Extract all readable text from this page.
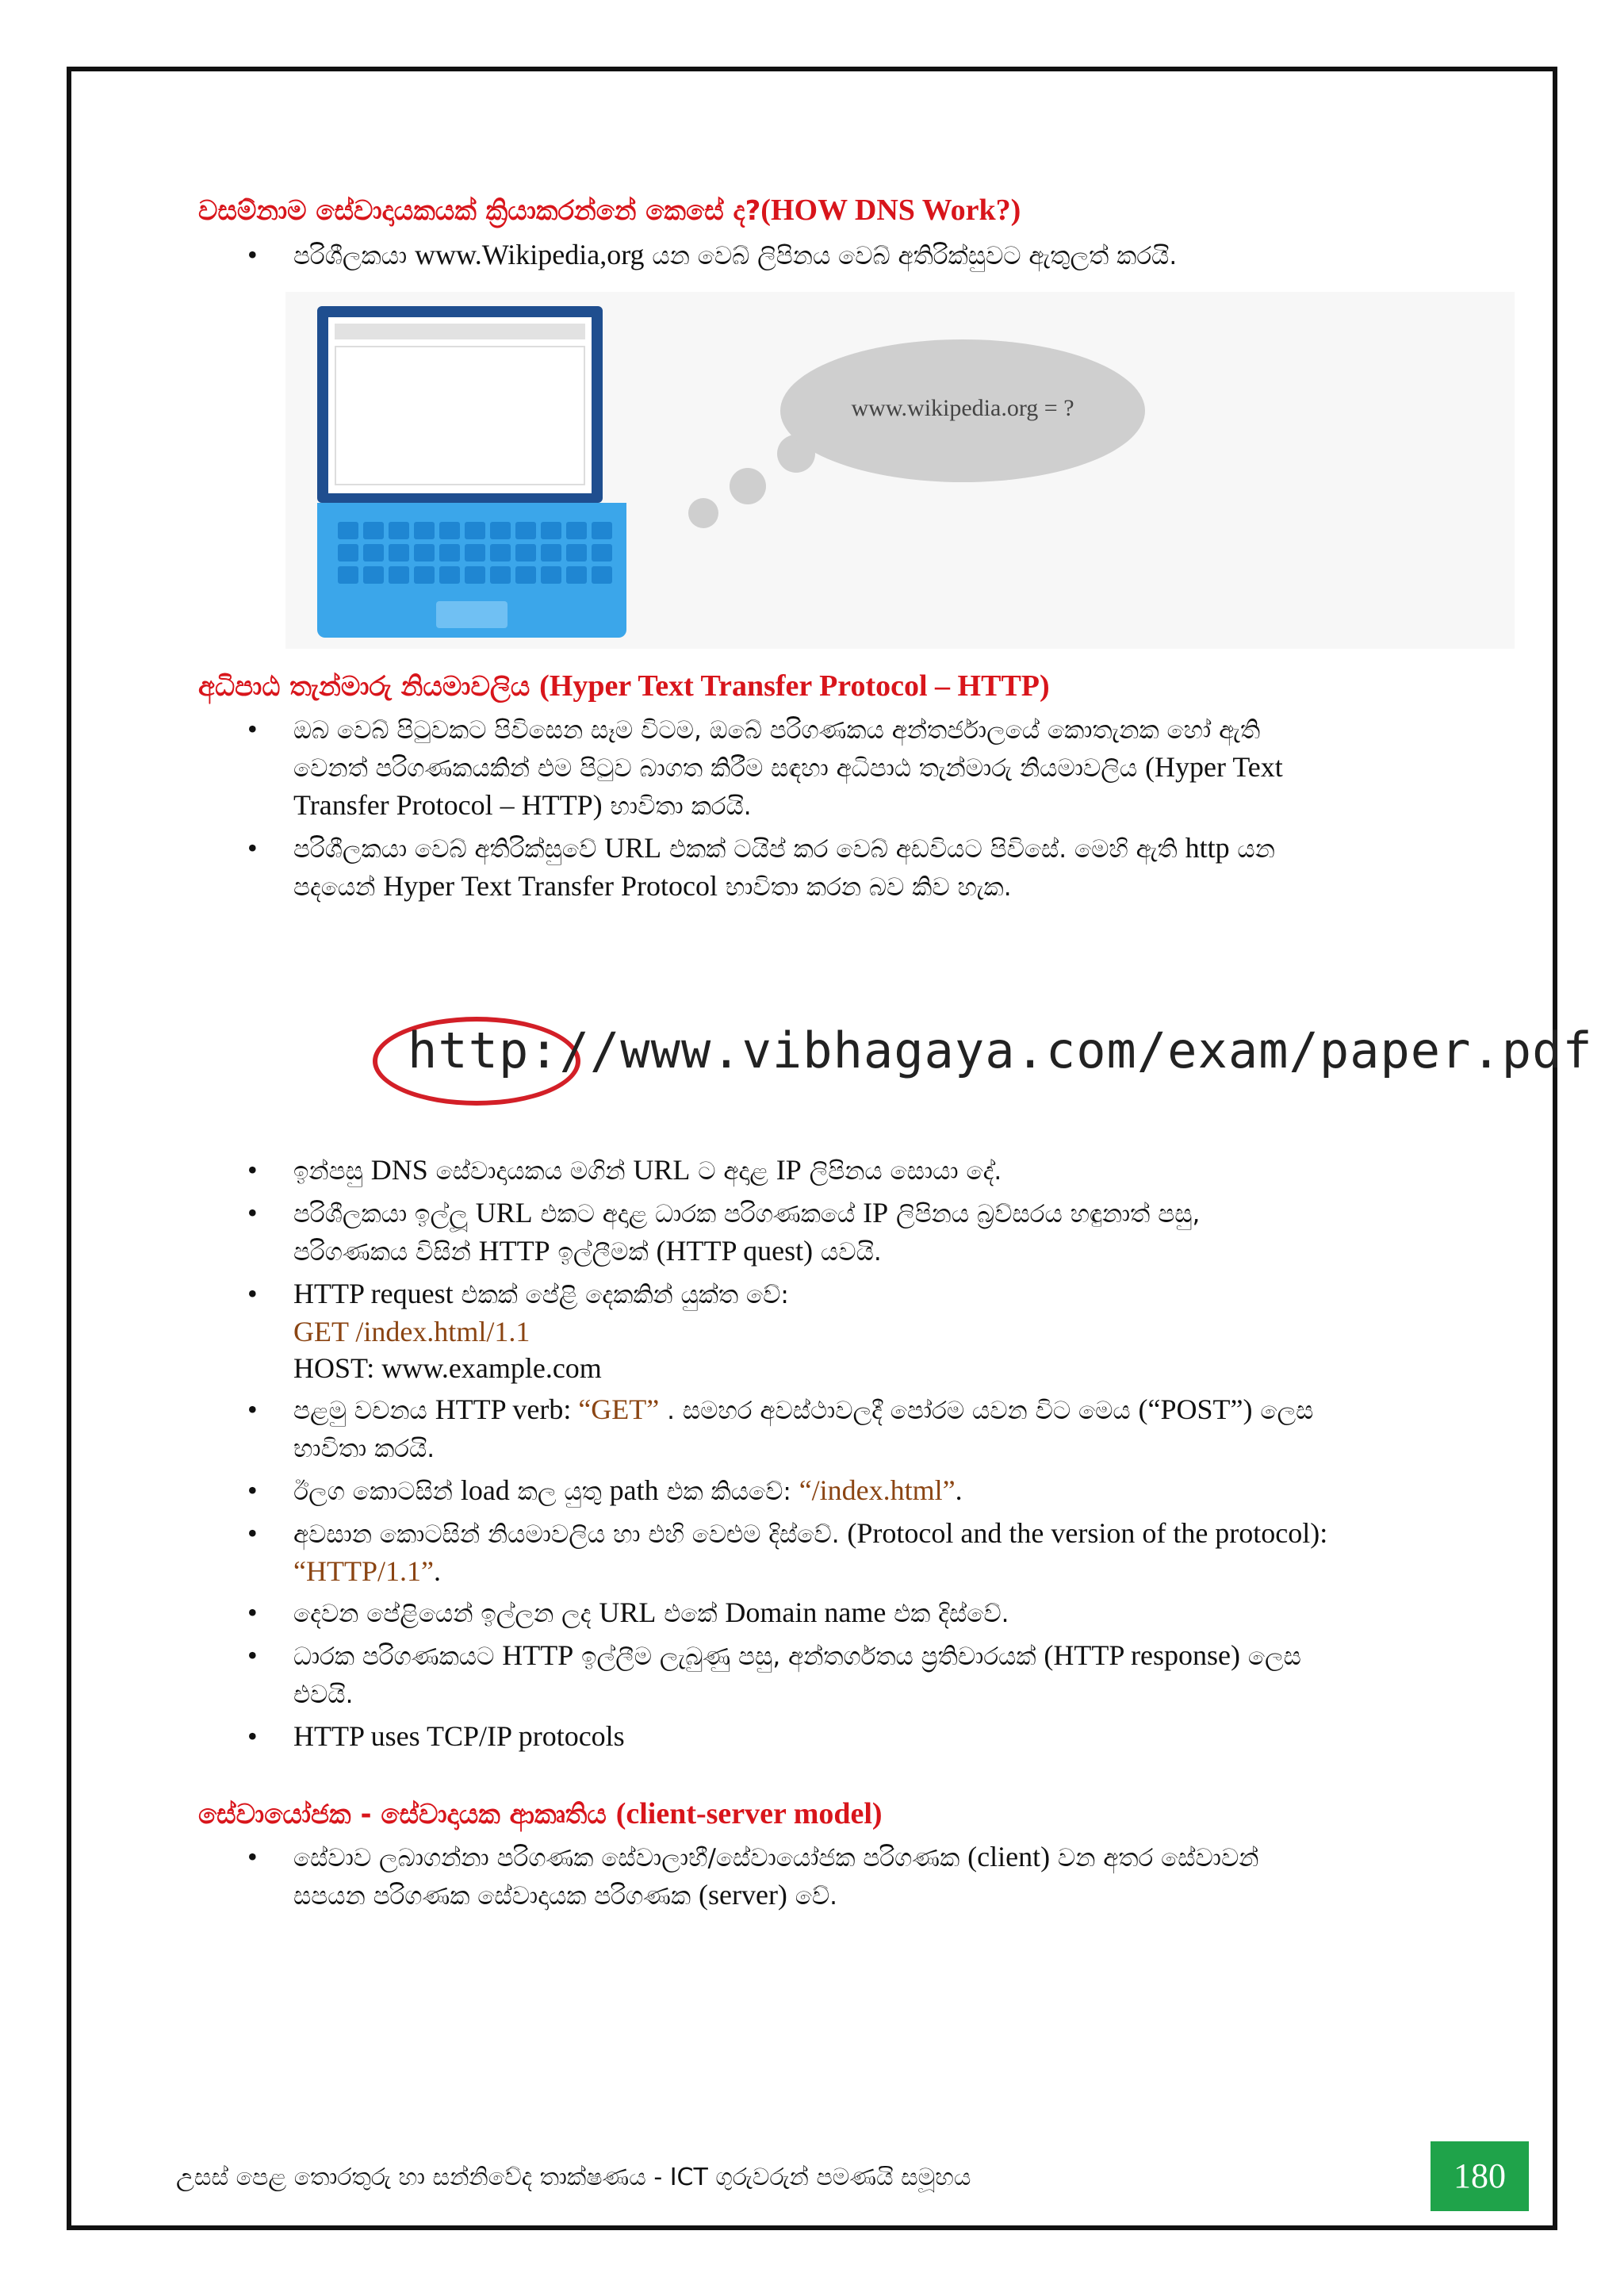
වසම්නාම සේවාදායකයක් ක්‍රියාකරන්නේ කෙසේ ද?(HOW DNS Work?)
• පරිශීලකයා www.Wikipedia,org යන වෙබ් ලිපිනය වෙබ් අතිරික්සුවට ඇතුලත් කරයි.
www.wikipedia.org = ?
අධිපාඨ තැන්මාරු නියමාවලිය (Hyper Text Transfer Protocol – HTTP)
• ඔබ වෙබ් පිටුවකට පිවිසෙන සෑම විටම, ඔබේ පරිගණකය අන්තර්ජාලයේ කොතැනක හෝ ඇති
වෙනත් පරිගණකයකින් එම පිටුව බාගත කිරීම සඳහා අධිපාඨ තැන්මාරු නියමාවලිය (Hyper Text
Transfer Protocol – HTTP) භාවිතා කරයි.
• පරිශීලකයා වෙබ් අතිරික්සුවේ URL එකක් ටයිප් කර වෙබ් අඩවියට පිවිසේ. මෙහි ඇති http යන
පදයෙන් Hyper Text Transfer Protocol භාවිතා කරන බව කිව හැක.
http://www.vibhagaya.com/exam/paper.pdf
• ඉන්පසු DNS සේවාදායකය මගින් URL ට අදාළ IP ලිපිනය සොයා දේ.
• පරිශීලකයා ඉල්ලූ URL එකට අදාළ ධාරක පරිගණකයේ IP ලිපිනය බ්‍රව්සරය හඳුනාත් පසු,
පරිගණකය විසින් HTTP ඉල්ලීමක් (HTTP quest) යවයි.
• HTTP request එකක් පේළි දෙකකින් යුක්ත වේ:
GET /index.html/1.1
HOST: www.example.com
• පළමු වචනය HTTP verb: “GET” . සමහර අවස්ථාවලදී පෝරම යවන විට මෙය (“POST”) ලෙස
භාවිතා කරයි.
• ඊලග කොටසින් load කල යුතු path එක කියවේ: “/index.html”.
• අවසාන කොටසින් නියමාවලිය හා එහි වෙළුම දිස්වේ. (Protocol and the version of the protocol):
“HTTP/1.1”.
• දෙවන පේළියෙන් ඉල්ලන ලද URL එකේ Domain name එක දිස්වේ.
• ධාරක පරිගණකයට HTTP ඉල්ලීම ලැබුණු පසු, අන්තර්ගතය ප්‍රතිචාරයක් (HTTP response) ලෙස
එවයි.
• HTTP uses TCP/IP protocols
සේවායෝජක - සේවාදායක ආකෘතිය (client-server model)
• සේවාව ලබාගන්නා පරිගණක සේවාලාභී/සේවායෝජක පරිගණක (client) වන අතර සේවාවන්
සපයන පරිගණක සේවාදායක පරිගණක (server) වේ.
උසස් පෙළ තොරතුරු හා සන්නිවේද තාක්ෂණය - ICT ගුරුවරුන් පමණයි සමූහය	180
